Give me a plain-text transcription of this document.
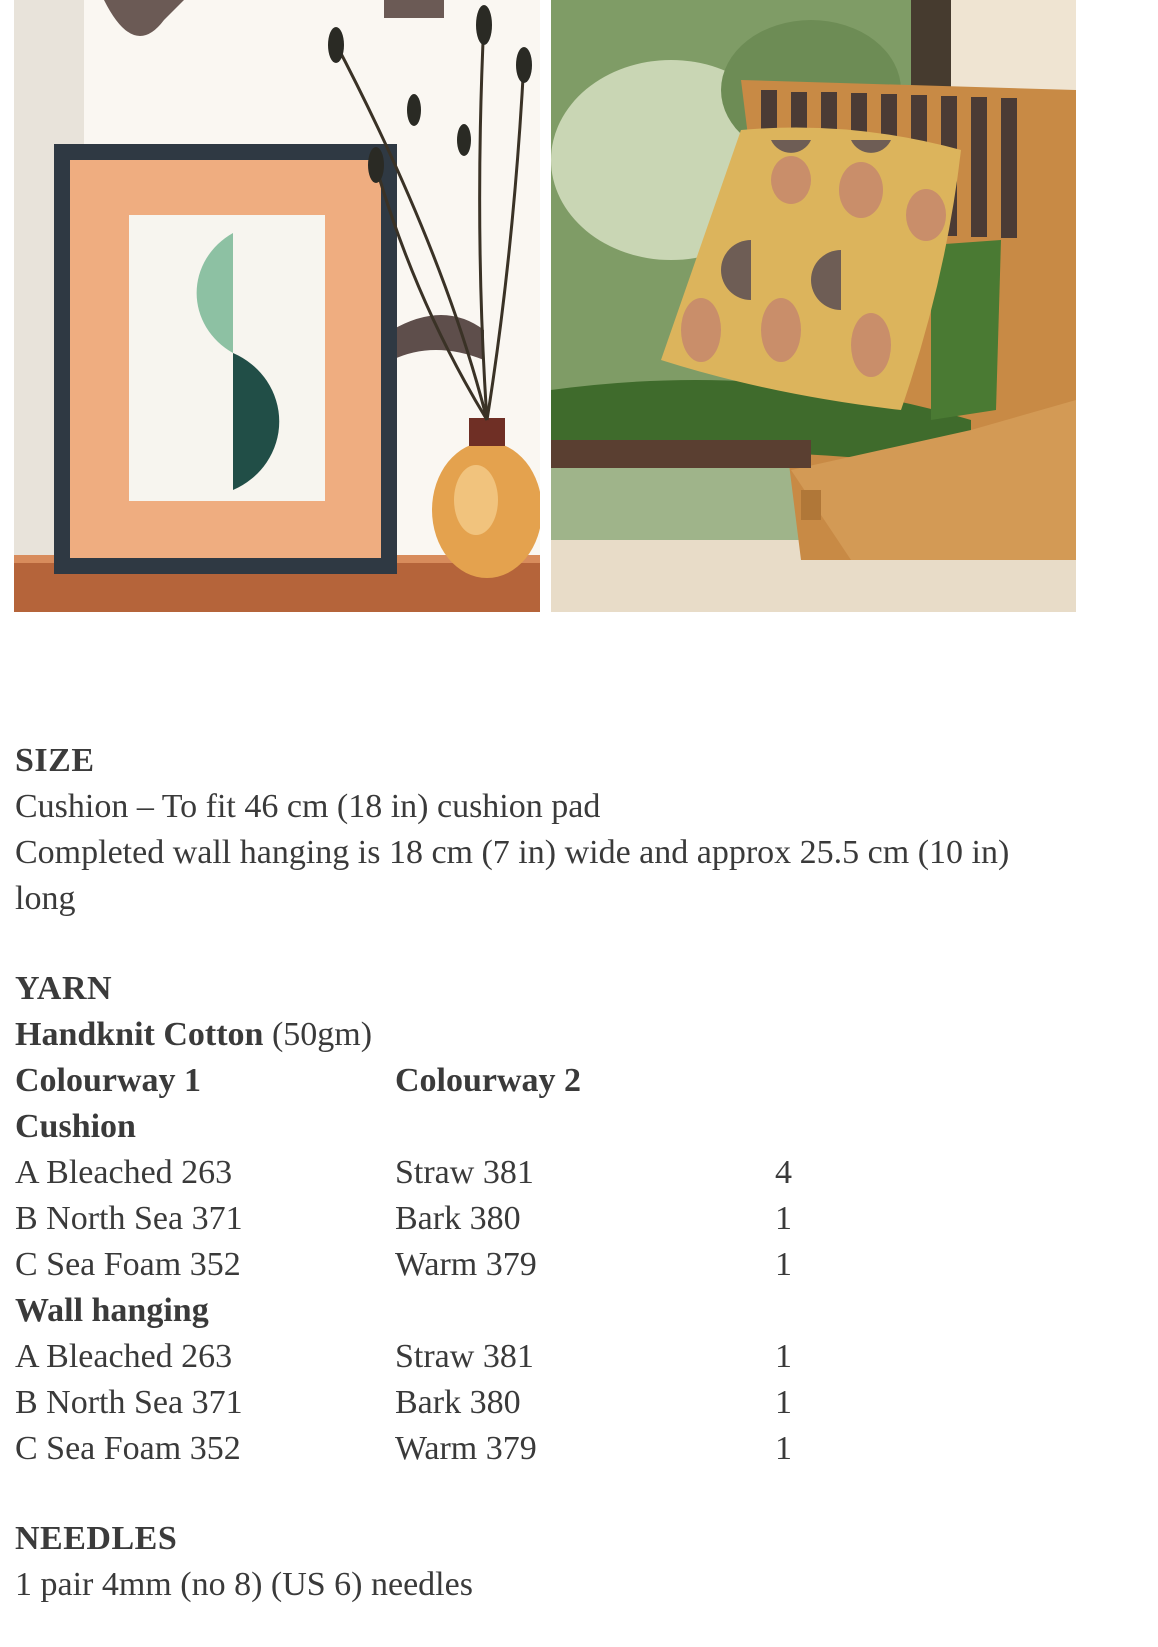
SIZE
Cushion – To fit 46 cm (18 in) cushion pad
Completed wall hanging is 18 cm (7 in) wide and approx 25.5 cm (10 in)
long
YARN
Handknit Cotton (50gm)
Colourway 1	Colourway 2
Cushion
A Bleached 263	Straw 381	4
B North Sea 371	Bark 380	1
C Sea Foam 352	Warm 379	1
Wall hanging
A Bleached 263	Straw 381	1
B North Sea 371	Bark 380	1
C Sea Foam 352	Warm 379	1
NEEDLES
1 pair 4mm (no 8) (US 6) needles
